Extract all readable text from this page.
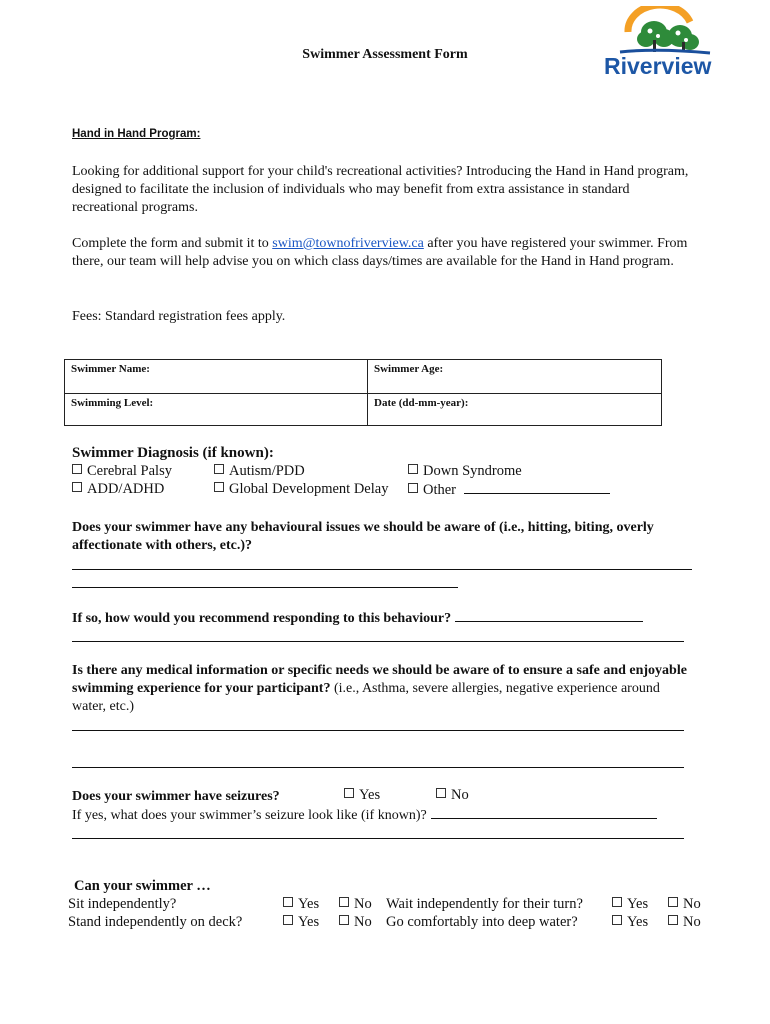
Swimmer Assessment Form	Riverview
Hand in Hand Program:
Looking for additional support for your child's recreational activities? Introducing the Hand in Hand program, designed to facilitate the inclusion of individuals who may benefit from extra assistance in standard recreational programs.
Complete the form and submit it to swim@townofriverview.ca after you have registered your swimmer. From there, our team will help advise you on which class days/times are available for the Hand in Hand program.
Fees: Standard registration fees apply.
Swimmer Name:	Swimmer Age:
Swimming Level:	Date (dd-mm-year):
Swimmer Diagnosis (if known):
Cerebral Palsy	Autism/PDD	Down Syndrome
ADD/ADHD	Global Development Delay	Other
Does your swimmer have any behavioural issues we should be aware of (i.e., hitting, biting, overly affectionate with others, etc.)?
If so, how would you recommend responding to this behaviour?
Is there any medical information or specific needs we should be aware of to ensure a safe and enjoyable swimming experience for your participant? (i.e., Asthma, severe allergies, negative experience around water, etc.)
Does your swimmer have seizures?	Yes	No
If yes, what does your swimmer’s seizure look like (if known)?
Can your swimmer …
Sit independently?	Yes	No Wait independently for their turn?	Yes	No
Stand independently on deck?	Yes	No Go comfortably into deep water?	Yes	No
